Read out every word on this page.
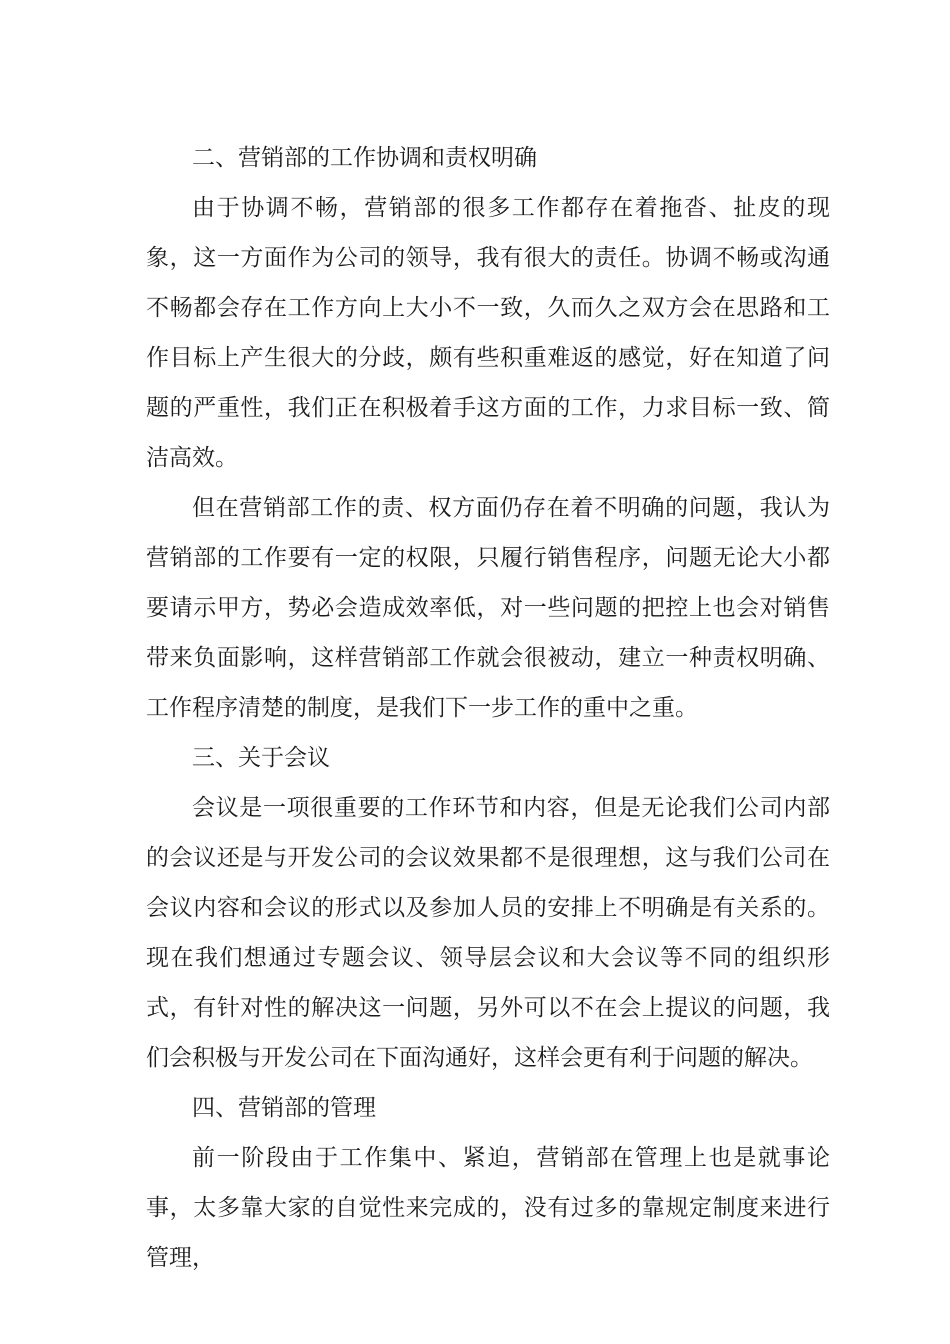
二、营销部的工作协调和责权明确

由于协调不畅，营销部的很多工作都存在着拖沓、扯皮的现象，这一方面作为公司的领导，我有很大的责任。协调不畅或沟通不畅都会存在工作方向上大小不一致，久而久之双方会在思路和工作目标上产生很大的分歧，颇有些积重难返的感觉，好在知道了问题的严重性，我们正在积极着手这方面的工作，力求目标一致、简洁高效。

但在营销部工作的责、权方面仍存在着不明确的问题，我认为营销部的工作要有一定的权限，只履行销售程序，问题无论大小都要请示甲方，势必会造成效率低，对一些问题的把控上也会对销售带来负面影响，这样营销部工作就会很被动，建立一种责权明确、工作程序清楚的制度，是我们下一步工作的重中之重。

三、关于会议

会议是一项很重要的工作环节和内容，但是无论我们公司内部的会议还是与开发公司的会议效果都不是很理想，这与我们公司在会议内容和会议的形式以及参加人员的安排上不明确是有关系的。现在我们想通过专题会议、领导层会议和大会议等不同的组织形式，有针对性的解决这一问题，另外可以不在会上提议的问题，我们会积极与开发公司在下面沟通好，这样会更有利于问题的解决。

四、营销部的管理

前一阶段由于工作集中、紧迫，营销部在管理上也是就事论事，太多靠大家的自觉性来完成的，没有过多的靠规定制度来进行管理，
